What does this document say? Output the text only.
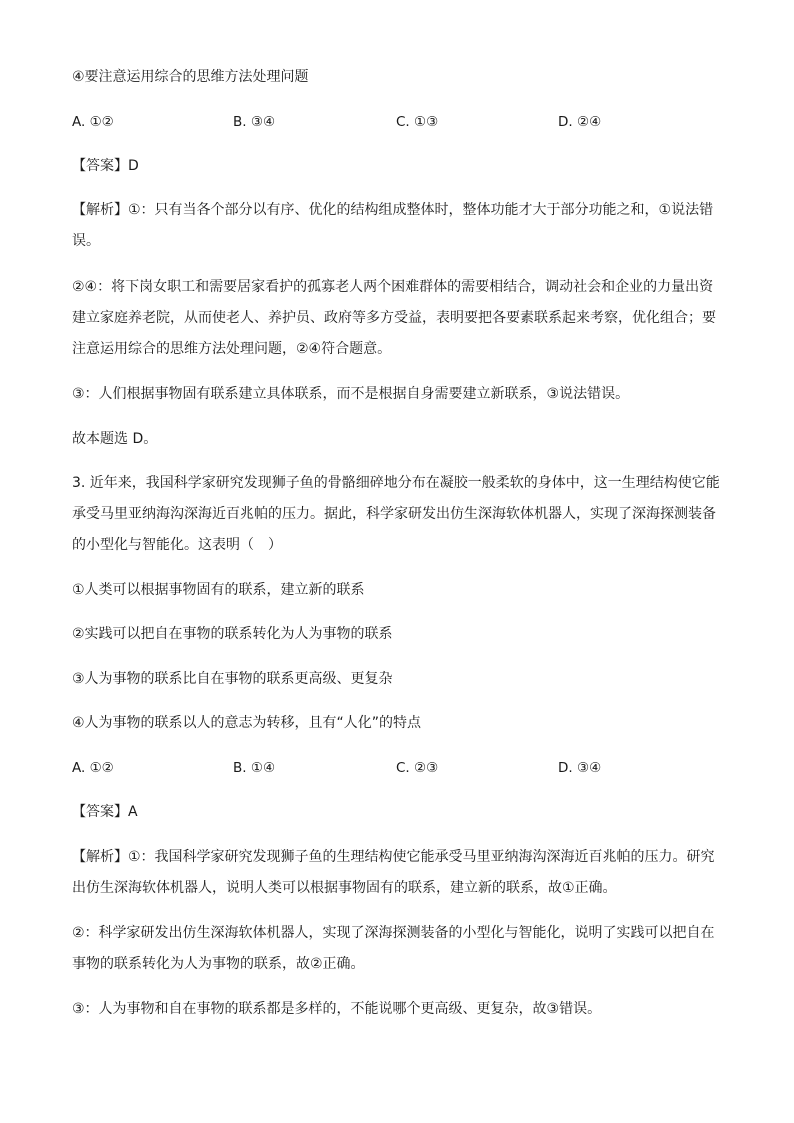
④要注意运用综合的思维方法处理问题
A. ①②	B. ③④	C. ①③	D. ②④
【答案】D
【解析】①：只有当各个部分以有序、优化的结构组成整体时，整体功能才大于部分功能之和，①说法错
误。
②④：将下岗女职工和需要居家看护的孤寡老人两个困难群体的需要相结合，调动社会和企业的力量出资
建立家庭养老院，从而使老人、养护员、政府等多方受益，表明要把各要素联系起来考察，优化组合；要
注意运用综合的思维方法处理问题，②④符合题意。
③：人们根据事物固有联系建立具体联系，而不是根据自身需要建立新联系，③说法错误。
故本题选 D。
3. 近年来，我国科学家研究发现狮子鱼的骨骼细碎地分布在凝胶一般柔软的身体中，这一生理结构使它能
承受马里亚纳海沟深海近百兆帕的压力。据此，科学家研发出仿生深海软体机器人，实现了深海探测装备
的小型化与智能化。这表明（　）
①人类可以根据事物固有的联系，建立新的联系
②实践可以把自在事物的联系转化为人为事物的联系
③人为事物的联系比自在事物的联系更高级、更复杂
④人为事物的联系以人的意志为转移，且有“人化”的特点
A. ①②	B. ①④	C. ②③	D. ③④
【答案】A
【解析】①：我国科学家研究发现狮子鱼的生理结构使它能承受马里亚纳海沟深海近百兆帕的压力。研究
出仿生深海软体机器人，说明人类可以根据事物固有的联系，建立新的联系，故①正确。
②：科学家研发出仿生深海软体机器人，实现了深海探测装备的小型化与智能化，说明了实践可以把自在
事物的联系转化为人为事物的联系，故②正确。
③：人为事物和自在事物的联系都是多样的，不能说哪个更高级、更复杂，故③错误。
